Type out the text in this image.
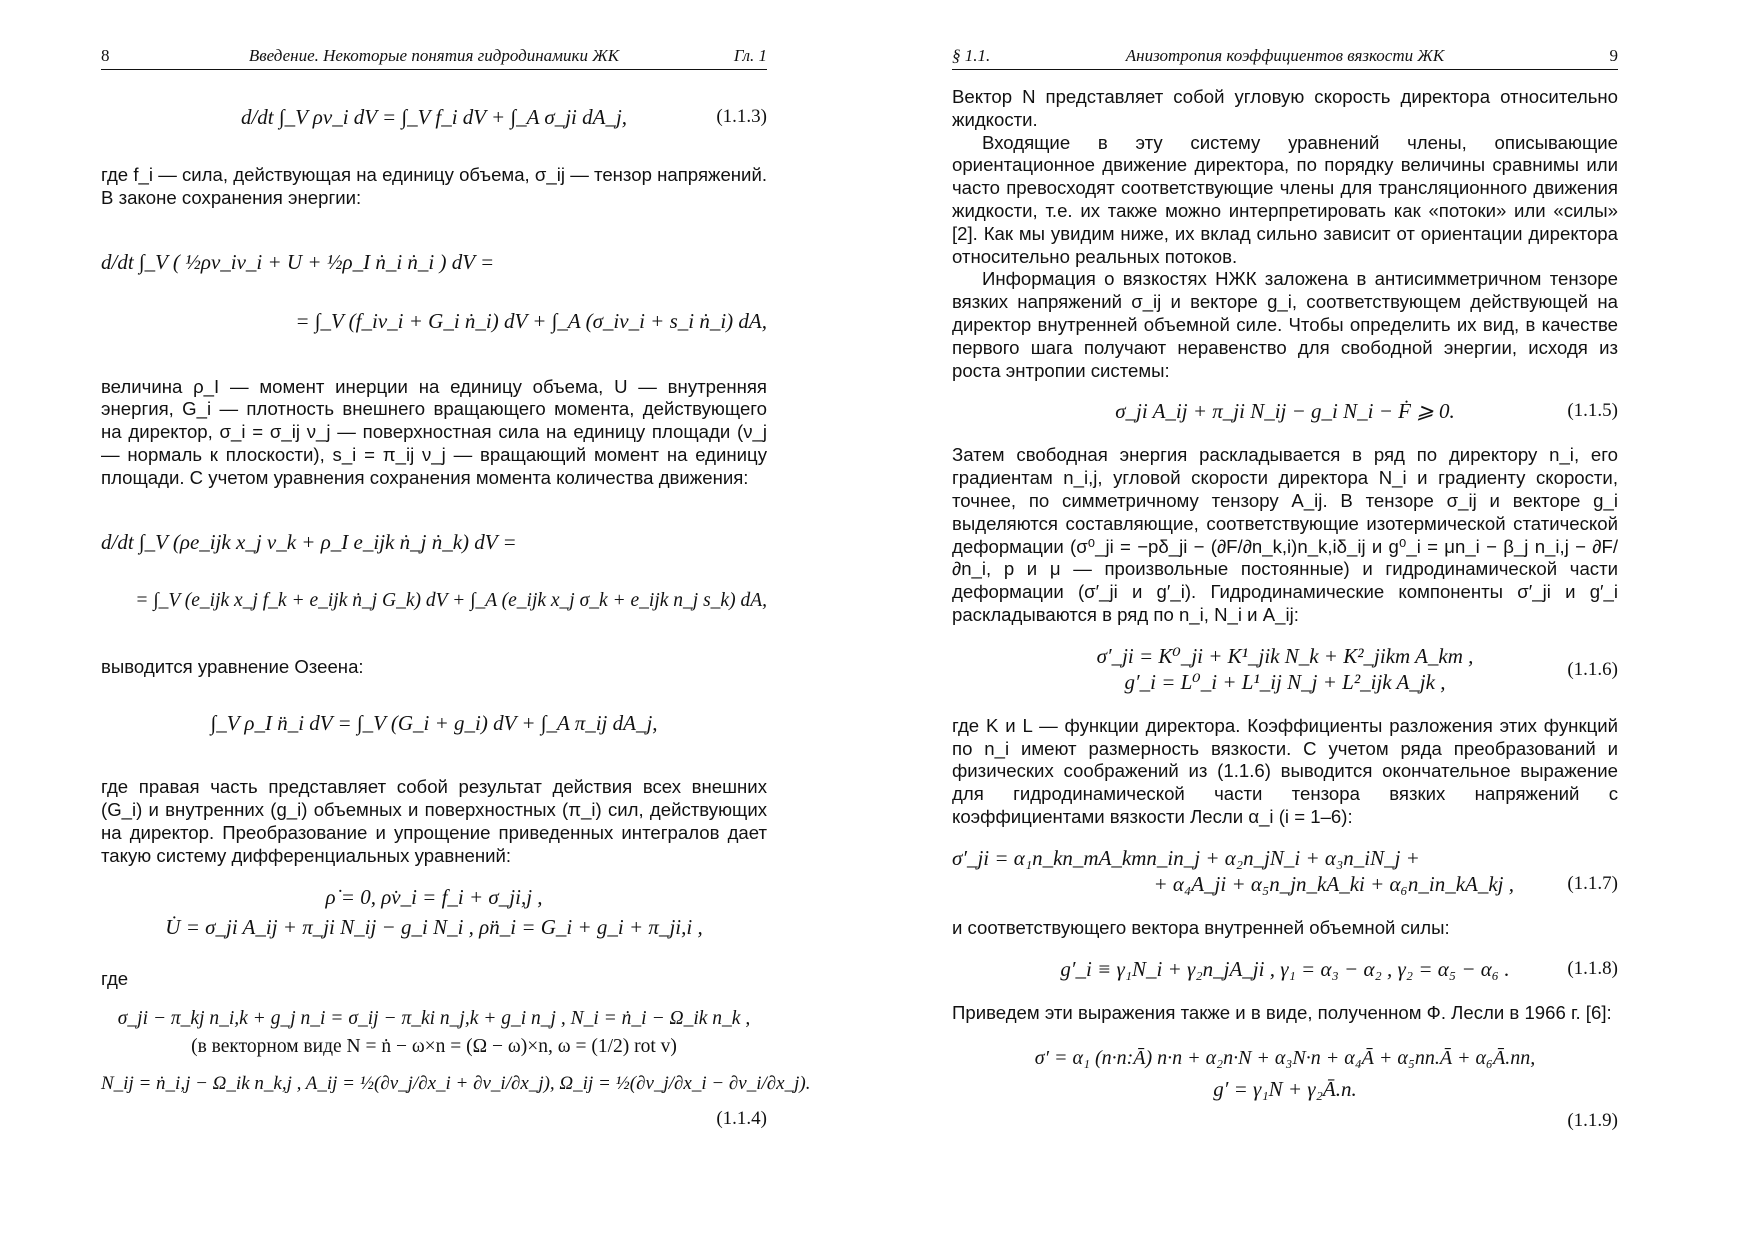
8	Введение. Некоторые понятия гидродинамики ЖК	Гл. 1
d/dt ∫_V ρv_i dV = ∫_V f_i dV + ∫_A σ_ji dA_j,	(1.1.3)

где f_i — сила, действующая на единицу объема, σ_ij — тензор напряжений. В законе сохранения энергии:

d/dt ∫_V ( ½ρv_iv_i + U + ½ρ_I ṅ_i ṅ_i ) dV =
= ∫_V (f_iv_i + G_i ṅ_i) dV + ∫_A (σ_iv_i + s_i ṅ_i) dA,

величина ρ_I — момент инерции на единицу объема, U — внутренняя энергия, G_i — плотность внешнего вращающего момента, действующего на директор, σ_i = σ_ij ν_j — поверхностная сила на единицу площади (ν_j — нормаль к плоскости), s_i = π_ij ν_j — вращающий момент на единицу площади. С учетом уравнения сохранения момента количества движения:

d/dt ∫_V (ρe_ijk x_j v_k + ρ_I e_ijk ṅ_j ṅ_k) dV =
= ∫_V (e_ijk x_j f_k + e_ijk ṅ_j G_k) dV + ∫_A (e_ijk x_j σ_k + e_ijk n_j s_k) dA,

выводится уравнение Озеена:

∫_V ρ_I n̈_i dV = ∫_V (G_i + g_i) dV + ∫_A π_ij dA_j,

где правая часть представляет собой результат действия всех внешних (G_i) и внутренних (g_i) объемных и поверхностных (π_i) сил, действующих на директор. Преобразование и упрощение приведенных интегралов дает такую систему дифференциальных уравнений:

ρ̇ = 0, ρv̇_i = f_i + σ_ji,j ,
U̇ = σ_ji A_ij + π_ji N_ij − g_i N_i , ρn̈_i = G_i + g_i + π_ji,i ,

где

σ_ji − π_kj n_i,k + g_j n_i = σ_ij − π_ki n_j,k + g_i n_j , N_i = ṅ_i − Ω_ik n_k ,
(в векторном виде N = ṅ − ω×n = (Ω − ω)×n, ω = (1/2) rot v)
N_ij = ṅ_i,j − Ω_ik n_k,j , A_ij = ½(∂v_j/∂x_i + ∂v_i/∂x_j), Ω_ij = ½(∂v_j/∂x_i − ∂v_i/∂x_j).
(1.1.4)
§ 1.1.	Анизотропия коэффициентов вязкости ЖК	9

Вектор N представляет собой угловую скорость директора относительно жидкости.

Входящие в эту систему уравнений члены, описывающие ориентационное движение директора, по порядку величины сравнимы или часто превосходят соответствующие члены для трансляционного движения жидкости, т.е. их также можно интерпретировать как «потоки» или «силы» [2]. Как мы увидим ниже, их вклад сильно зависит от ориентации директора относительно реальных потоков.

Информация о вязкостях НЖК заложена в антисимметричном тензоре вязких напряжений σ_ij и векторе g_i, соответствующем действующей на директор внутренней объемной силе. Чтобы определить их вид, в качестве первого шага получают неравенство для свободной энергии, исходя из роста энтропии системы:

σ_ji A_ij + π_ji N_ij − g_i N_i − Ḟ ⩾ 0.	(1.1.5)

Затем свободная энергия раскладывается в ряд по директору n_i, его градиентам n_i,j, угловой скорости директора N_i и градиенту скорости, точнее, по симметричному тензору A_ij. В тензоре σ_ij и векторе g_i выделяются составляющие, соответствующие изотермической статической деформации (σ⁰_ji = −pδ_ji − (∂F/∂n_k,i)n_k,iδ_ij и g⁰_i = μn_i − β_j n_i,j − ∂F/∂n_i, p и μ — произвольные постоянные) и гидродинамической части деформации (σ′_ji и g′_i). Гидродинамические компоненты σ′_ji и g′_i раскладываются в ряд по n_i, N_i и A_ij:

σ′_ji = K⁰_ji + K¹_jik N_k + K²_jikm A_km ,
g′_i = L⁰_i + L¹_ij N_j + L²_ijk A_jk ,
(1.1.6)

где K и L — функции директора. Коэффициенты разложения этих функций по n_i имеют размерность вязкости. С учетом ряда преобразований и физических соображений из (1.1.6) выводится окончательное выражение для гидродинамической части тензора вязких напряжений с коэффициентами вязкости Лесли α_i (i = 1–6):

σ′_ji = α₁n_kn_mA_kmn_in_j + α₂n_jN_i + α₃n_iN_j +
+ α₄A_ji + α₅n_jn_kA_ki + α₆n_in_kA_kj ,	(1.1.7)

и соответствующего вектора внутренней объемной силы:

g′_i ≡ γ₁N_i + γ₂n_jA_ji , γ₁ = α₃ − α₂ , γ₂ = α₅ − α₆ .	(1.1.8)

Приведем эти выражения также и в виде, полученном Ф. Лесли в 1966 г. [6]:

σ′ = α₁ (n·n:Ā) n·n + α₂n·N + α₃N·n + α₄Ā + α₅nn.Ā + α₆Ā.nn,
g′ = γ₁N + γ₂Ā.n.
(1.1.9)
